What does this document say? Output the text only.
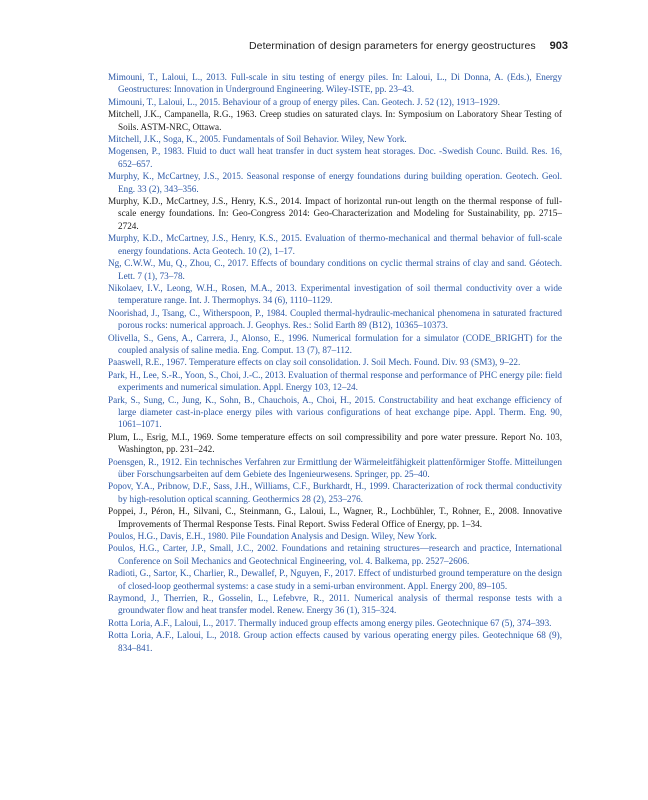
Determination of design parameters for energy geostructures 903

Mimouni, T., Laloui, L., 2013. Full-scale in situ testing of energy piles. In: Laloui, L., Di Donna, A. (Eds.), Energy Geostructures: Innovation in Underground Engineering. Wiley-ISTE, pp. 23–43.

Mimouni, T., Laloui, L., 2015. Behaviour of a group of energy piles. Can. Geotech. J. 52 (12), 1913–1929.

Mitchell, J.K., Campanella, R.G., 1963. Creep studies on saturated clays. In: Symposium on Laboratory Shear Testing of Soils. ASTM-NRC, Ottawa.

Mitchell, J.K., Soga, K., 2005. Fundamentals of Soil Behavior. Wiley, New York.

Mogensen, P., 1983. Fluid to duct wall heat transfer in duct system heat storages. Doc. -Swedish Counc. Build. Res. 16, 652–657.

Murphy, K., McCartney, J.S., 2015. Seasonal response of energy foundations during building operation. Geotech. Geol. Eng. 33 (2), 343–356.

Murphy, K.D., McCartney, J.S., Henry, K.S., 2014. Impact of horizontal run-out length on the thermal response of full-scale energy foundations. In: Geo-Congress 2014: Geo-Characterization and Modeling for Sustainability, pp. 2715–2724.

Murphy, K.D., McCartney, J.S., Henry, K.S., 2015. Evaluation of thermo-mechanical and thermal behavior of full-scale energy foundations. Acta Geotech. 10 (2), 1–17.

Ng, C.W.W., Mu, Q., Zhou, C., 2017. Effects of boundary conditions on cyclic thermal strains of clay and sand. Géotech. Lett. 7 (1), 73–78.

Nikolaev, I.V., Leong, W.H., Rosen, M.A., 2013. Experimental investigation of soil thermal conductivity over a wide temperature range. Int. J. Thermophys. 34 (6), 1110–1129.

Noorishad, J., Tsang, C., Witherspoon, P., 1984. Coupled thermal-hydraulic-mechanical phenomena in saturated fractured porous rocks: numerical approach. J. Geophys. Res.: Solid Earth 89 (B12), 10365–10373.

Olivella, S., Gens, A., Carrera, J., Alonso, E., 1996. Numerical formulation for a simulator (CODE_BRIGHT) for the coupled analysis of saline media. Eng. Comput. 13 (7), 87–112.

Paaswell, R.E., 1967. Temperature effects on clay soil consolidation. J. Soil Mech. Found. Div. 93 (SM3), 9–22.

Park, H., Lee, S.-R., Yoon, S., Choi, J.-C., 2013. Evaluation of thermal response and performance of PHC energy pile: field experiments and numerical simulation. Appl. Energy 103, 12–24.

Park, S., Sung, C., Jung, K., Sohn, B., Chauchois, A., Choi, H., 2015. Constructability and heat exchange efficiency of large diameter cast-in-place energy piles with various configurations of heat exchange pipe. Appl. Therm. Eng. 90, 1061–1071.

Plum, L., Esrig, M.I., 1969. Some temperature effects on soil compressibility and pore water pressure. Report No. 103, Washington, pp. 231–242.

Poensgen, R., 1912. Ein technisches Verfahren zur Ermittlung der Wärmeleitfähigkeit plattenförmiger Stoffe. Mitteilungen über Forschungsarbeiten auf dem Gebiete des Ingenieurwesens. Springer, pp. 25–40.

Popov, Y.A., Pribnow, D.F., Sass, J.H., Williams, C.F., Burkhardt, H., 1999. Characterization of rock thermal conductivity by high-resolution optical scanning. Geothermics 28 (2), 253–276.

Poppei, J., Péron, H., Silvani, C., Steinmann, G., Laloui, L., Wagner, R., Lochbühler, T., Rohner, E., 2008. Innovative Improvements of Thermal Response Tests. Final Report. Swiss Federal Office of Energy, pp. 1–34.

Poulos, H.G., Davis, E.H., 1980. Pile Foundation Analysis and Design. Wiley, New York.

Poulos, H.G., Carter, J.P., Small, J.C., 2002. Foundations and retaining structures—research and practice, International Conference on Soil Mechanics and Geotechnical Engineering, vol. 4. Balkema, pp. 2527–2606.

Radioti, G., Sartor, K., Charlier, R., Dewallef, P., Nguyen, F., 2017. Effect of undisturbed ground temperature on the design of closed-loop geothermal systems: a case study in a semi-urban environment. Appl. Energy 200, 89–105.

Raymond, J., Therrien, R., Gosselin, L., Lefebvre, R., 2011. Numerical analysis of thermal response tests with a groundwater flow and heat transfer model. Renew. Energy 36 (1), 315–324.

Rotta Loria, A.F., Laloui, L., 2017. Thermally induced group effects among energy piles. Geotechnique 67 (5), 374–393.

Rotta Loria, A.F., Laloui, L., 2018. Group action effects caused by various operating energy piles. Geotechnique 68 (9), 834–841.
